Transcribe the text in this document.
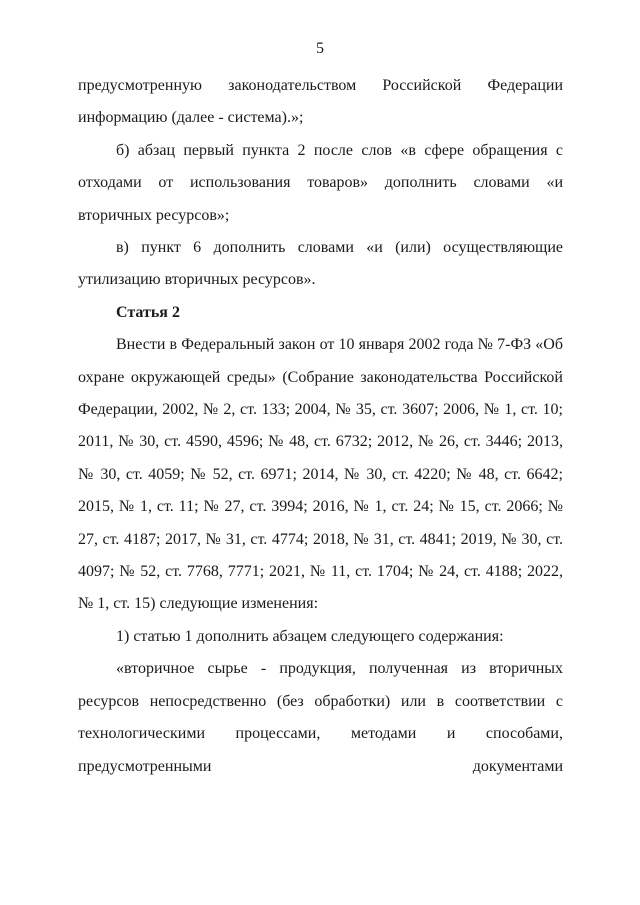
5

предусмотренную законодательством Российской Федерации информацию (далее - система).»;

б) абзац первый пункта 2 после слов «в сфере обращения с отходами от использования товаров» дополнить словами «и вторичных ресурсов»;

в) пункт 6 дополнить словами «и (или) осуществляющие утилизацию вторичных ресурсов».

Статья 2

Внести в Федеральный закон от 10 января 2002 года № 7-ФЗ «Об охране окружающей среды» (Собрание законодательства Российской Федерации, 2002, № 2, ст. 133; 2004, № 35, ст. 3607; 2006, № 1, ст. 10; 2011, № 30, ст. 4590, 4596; № 48, ст. 6732; 2012, № 26, ст. 3446; 2013, № 30, ст. 4059; № 52, ст. 6971; 2014, № 30, ст. 4220; № 48, ст. 6642; 2015, № 1, ст. 11; № 27, ст. 3994; 2016, № 1, ст. 24; № 15, ст. 2066; № 27, ст. 4187; 2017, № 31, ст. 4774; 2018, № 31, ст. 4841; 2019, № 30, ст. 4097; № 52, ст. 7768, 7771; 2021, № 11, ст. 1704; № 24, ст. 4188; 2022, № 1, ст. 15) следующие изменения:

1) статью 1 дополнить абзацем следующего содержания:

«вторичное сырье - продукция, полученная из вторичных ресурсов непосредственно (без обработки) или в соответствии с технологическими процессами, методами и способами, предусмотренными документами
